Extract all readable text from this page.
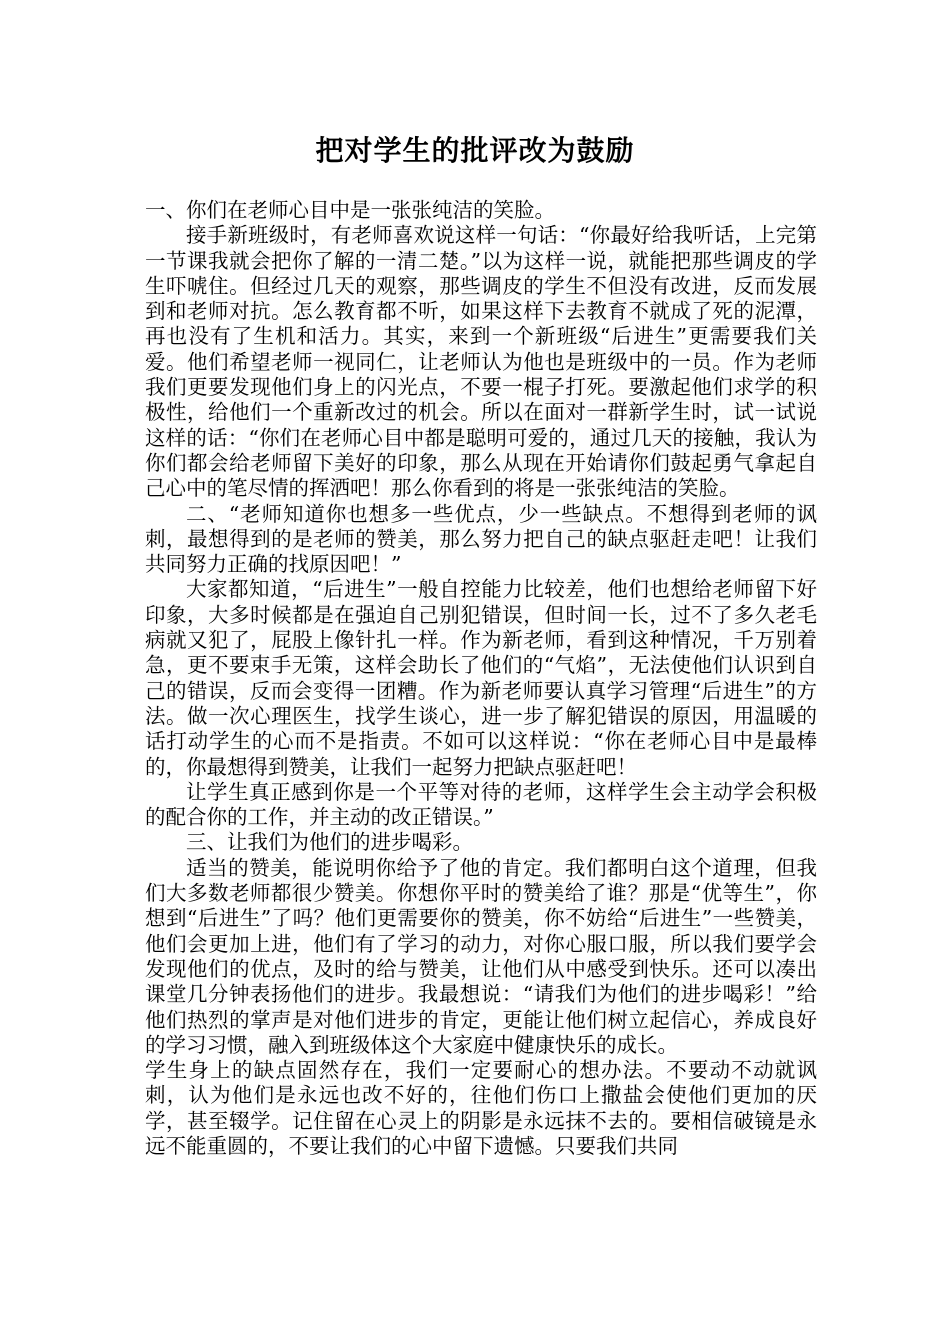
把对学生的批评改为鼓励

一、你们在老师心目中是一张张纯洁的笑脸。

接手新班级时，有老师喜欢说这样一句话：“你最好给我听话，上完第一节课我就会把你了解的一清二楚。”以为这样一说，就能把那些调皮的学生吓唬住。但经过几天的观察，那些调皮的学生不但没有改进，反而发展到和老师对抗。怎么教育都不听，如果这样下去教育不就成了死的泥潭，再也没有了生机和活力。其实，来到一个新班级“后进生”更需要我们关爱。他们希望老师一视同仁，让老师认为他也是班级中的一员。作为老师我们更要发现他们身上的闪光点，不要一棍子打死。要激起他们求学的积极性，给他们一个重新改过的机会。所以在面对一群新学生时，试一试说这样的话：“你们在老师心目中都是聪明可爱的，通过几天的接触，我认为你们都会给老师留下美好的印象，那么从现在开始请你们鼓起勇气拿起自己心中的笔尽情的挥洒吧！那么你看到的将是一张张纯洁的笑脸。

二、“老师知道你也想多一些优点，少一些缺点。不想得到老师的讽刺，最想得到的是老师的赞美，那么努力把自己的缺点驱赶走吧！让我们共同努力正确的找原因吧！”

大家都知道，“后进生”一般自控能力比较差，他们也想给老师留下好印象，大多时候都是在强迫自己别犯错误，但时间一长，过不了多久老毛病就又犯了，屁股上像针扎一样。作为新老师，看到这种情况，千万别着急，更不要束手无策，这样会助长了他们的“气焰”，无法使他们认识到自己的错误，反而会变得一团糟。作为新老师要认真学习管理“后进生”的方法。做一次心理医生，找学生谈心，进一步了解犯错误的原因，用温暖的话打动学生的心而不是指责。不如可以这样说：“你在老师心目中是最棒的，你最想得到赞美，让我们一起努力把缺点驱赶吧！

让学生真正感到你是一个平等对待的老师，这样学生会主动学会积极的配合你的工作，并主动的改正错误。”

三、让我们为他们的进步喝彩。

适当的赞美，能说明你给予了他的肯定。我们都明白这个道理，但我们大多数老师都很少赞美。你想你平时的赞美给了谁？那是“优等生”，你想到“后进生”了吗？他们更需要你的赞美，你不妨给“后进生”一些赞美，他们会更加上进，他们有了学习的动力，对你心服口服，所以我们要学会发现他们的优点，及时的给与赞美，让他们从中感受到快乐。还可以凑出课堂几分钟表扬他们的进步。我最想说：“请我们为他们的进步喝彩！”给他们热烈的掌声是对他们进步的肯定，更能让他们树立起信心，养成良好的学习习惯，融入到班级体这个大家庭中健康快乐的成长。

学生身上的缺点固然存在，我们一定要耐心的想办法。不要动不动就讽刺，认为他们是永远也改不好的，往他们伤口上撒盐会使他们更加的厌学，甚至辍学。记住留在心灵上的阴影是永远抹不去的。要相信破镜是永远不能重圆的，不要让我们的心中留下遗憾。只要我们共同
